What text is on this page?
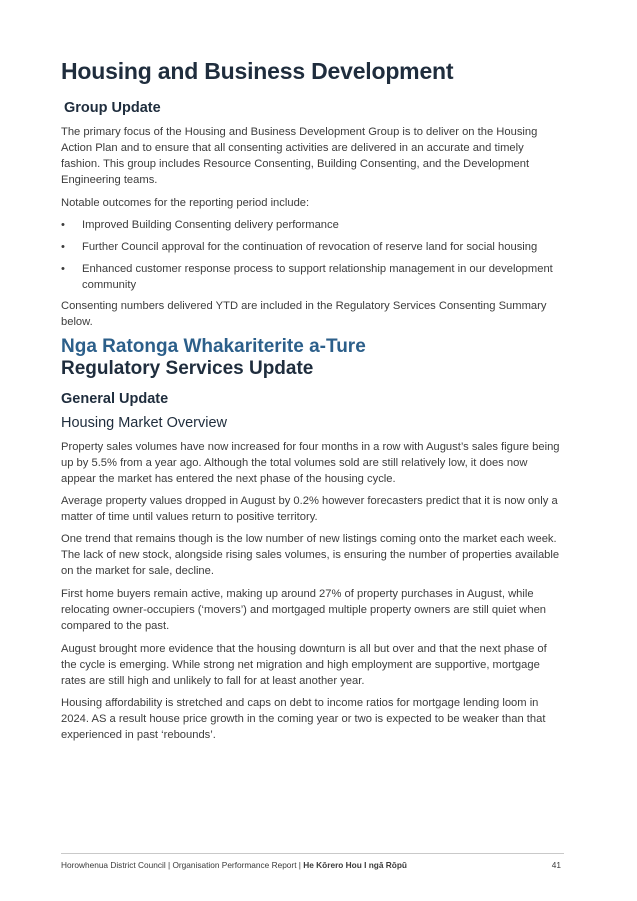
Housing and Business Development
Group Update

The primary focus of the Housing and Business Development Group is to deliver on the Housing Action Plan and to ensure that all consenting activities are delivered in an accurate and timely fashion. This group includes Resource Consenting, Building Consenting, and the Development Engineering teams.

Notable outcomes for the reporting period include:

• Improved Building Consenting delivery performance
• Further Council approval for the continuation of revocation of reserve land for social housing
• Enhanced customer response process to support relationship management in our development community

Consenting numbers delivered YTD are included in the Regulatory Services Consenting Summary below.

Nga Ratonga Whakariterite a-Ture
Regulatory Services Update
General Update
Housing Market Overview

Property sales volumes have now increased for four months in a row with August’s sales figure being up by 5.5% from a year ago. Although the total volumes sold are still relatively low, it does now appear the market has entered the next phase of the housing cycle.

Average property values dropped in August by 0.2% however forecasters predict that it is now only a matter of time until values return to positive territory.

One trend that remains though is the low number of new listings coming onto the market each week. The lack of new stock, alongside rising sales volumes, is ensuring the number of properties available on the market for sale, decline.

First home buyers remain active, making up around 27% of property purchases in August, while relocating owner-occupiers (‘movers’) and mortgaged multiple property owners are still quiet when compared to the past.

August brought more evidence that the housing downturn is all but over and that the next phase of the cycle is emerging. While strong net migration and high employment are supportive, mortgage rates are still high and unlikely to fall for at least another year.

Housing affordability is stretched and caps on debt to income ratios for mortgage lending loom in 2024. AS a result house price growth in the coming year or two is expected to be weaker than that experienced in past ‘rebounds’.

Horowhenua District Council | Organisation Performance Report | He Kōrero Hou I ngā Rōpū	41
